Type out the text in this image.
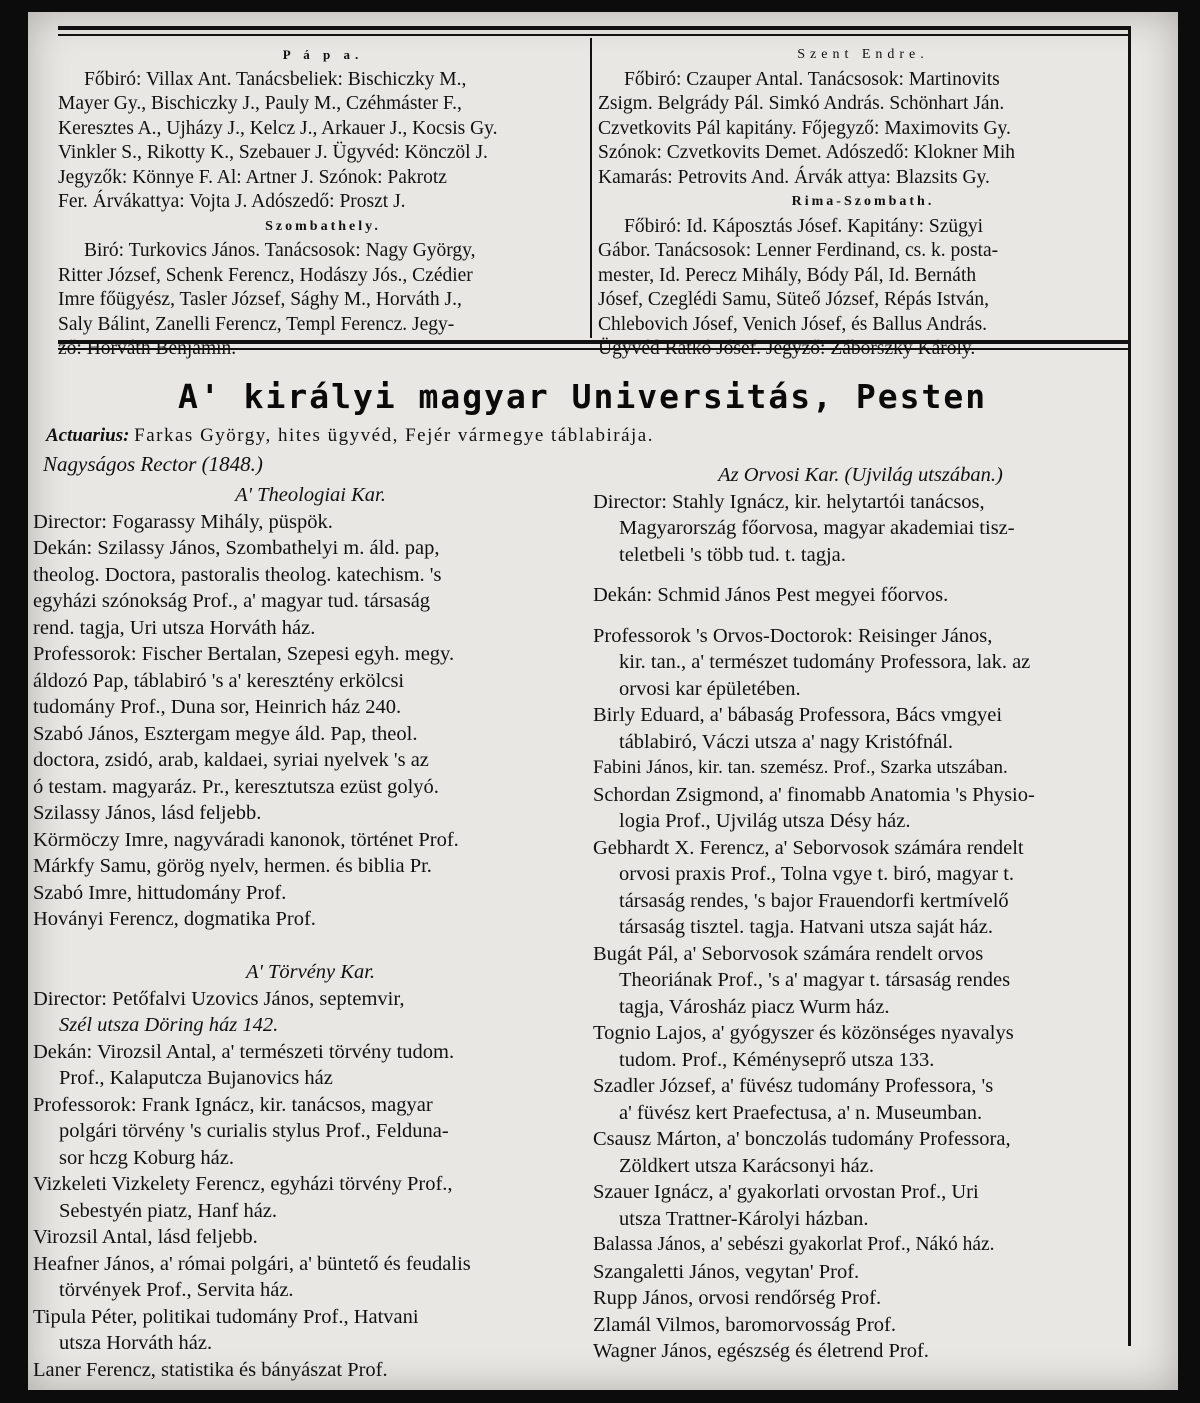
P á p a.
Főbiró: Villax Ant. Tanácsbeliek: Bischiczky M.,
Mayer Gy., Bischiczky J., Pauly M., Czéhmáster F.,
Keresztes A., Ujházy J., Kelcz J., Arkauer J., Kocsis Gy.
Vinkler S., Rikotty K., Szebauer J. Ügyvéd: Könczöl J.
Jegyzők: Könnye F. Al: Artner J. Szónok: Pakrotz
Fer. Árvákattya: Vojta J. Adószedő: Proszt J.
Szombathely.
Biró: Turkovics János. Tanácsosok: Nagy György,
Ritter József, Schenk Ferencz, Hodászy Jós., Czédier
Imre főügyész, Tasler József, Sághy M., Horváth J.,
Saly Bálint, Zanelli Ferencz, Templ Ferencz. Jegy-
ző: Horváth Benjamin.
Szent Endre.
Főbiró: Czauper Antal. Tanácsosok: Martinovits
Zsigm. Belgrády Pál. Simkó András. Schönhart Ján.
Czvetkovits Pál kapitány. Főjegyző: Maximovits Gy.
Szónok: Czvetkovits Demet. Adószedő: Klokner Mih
Kamarás: Petrovits And. Árvák attya: Blazsits Gy.
Rima-Szombath.
Főbiró: Id. Káposztás Jósef. Kapitány: Szügyi
Gábor. Tanácsosok: Lenner Ferdinand, cs. k. posta-
mester, Id. Perecz Mihály, Bódy Pál, Id. Bernáth
Jósef, Czeglédi Samu, Süteő József, Répás István,
Chlebovich Jósef, Venich Jósef, és Ballus András.
Ügyvéd Ratkó Jósef. Jegyző: Záborszky Károly.
A' királyi magyar Universitás, Pesten
Actuarius: Farkas György, hites ügyvéd, Fejér vármegye táblabirája.
Nagyságos Rector (1848.)
A' Theologiai Kar.
Director: Fogarassy Mihály, püspök.
Dekán: Szilassy János, Szombathelyi m. áld. pap,
theolog. Doctora, pastoralis theolog. katechism. 's
egyházi szónokság Prof., a' magyar tud. társaság
rend. tagja, Uri utsza Horváth ház.
Professorok: Fischer Bertalan, Szepesi egyh. megy.
áldozó Pap, táblabiró 's a' keresztény erkölcsi
tudomány Prof., Duna sor, Heinrich ház 240.
Szabó János, Esztergam megye áld. Pap, theol.
doctora, zsidó, arab, kaldaei, syriai nyelvek 's az
ó testam. magyaráz. Pr., keresztutsza ezüst golyó.
Szilassy János, lásd feljebb.
Körmöczy Imre, nagyváradi kanonok, történet Prof.
Márkfy Samu, görög nyelv, hermen. és biblia Pr.
Szabó Imre, hittudomány Prof.
Hoványi Ferencz, dogmatika Prof.
A' Törvény Kar.
Director: Petőfalvi Uzovics János, septemvir,
Szél utsza Döring ház 142.
Dekán: Virozsil Antal, a' természeti törvény tudom.
Prof., Kalaputcza Bujanovics ház
Professorok: Frank Ignácz, kir. tanácsos, magyar
polgári törvény 's curialis stylus Prof., Felduna-
sor hczg Koburg ház.
Vizkeleti Vizkelety Ferencz, egyházi törvény Prof.,
Sebestyén piatz, Hanf ház.
Virozsil Antal, lásd feljebb.
Heafner János, a' római polgári, a' büntető és feudalis
törvények Prof., Servita ház.
Tipula Péter, politikai tudomány Prof., Hatvani
utsza Horváth ház.
Laner Ferencz, statistika és bányászat Prof.
Az Orvosi Kar. (Ujvilág utszában.)
Director: Stahly Ignácz, kir. helytartói tanácsos,
Magyarország főorvosa, magyar akademiai tisz-
teletbeli 's több tud. t. tagja.
Dekán: Schmid János Pest megyei főorvos.
Professorok 's Orvos-Doctorok: Reisinger János,
kir. tan., a' természet tudomány Professora, lak. az
orvosi kar épületében.
Birly Eduard, a' bábaság Professora, Bács vmgyei
táblabiró, Váczi utsza a' nagy Kristófnál.
Fabini János, kir. tan. szemész. Prof., Szarka utszában.
Schordan Zsigmond, a' finomabb Anatomia 's Physio-
logia Prof., Ujvilág utsza Désy ház.
Gebhardt X. Ferencz, a' Seborvosok számára rendelt
orvosi praxis Prof., Tolna vgye t. biró, magyar t.
társaság rendes, 's bajor Frauendorfi kertmívelő
társaság tisztel. tagja. Hatvani utsza saját ház.
Bugát Pál, a' Seborvosok számára rendelt orvos
Theoriának Prof., 's a' magyar t. társaság rendes
tagja, Városház piacz Wurm ház.
Tognio Lajos, a' gyógyszer és közönséges nyavalys
tudom. Prof., Kéményseprő utsza 133.
Szadler József, a' füvész tudomány Professora, 's
a' füvész kert Praefectusa, a' n. Museumban.
Csausz Márton, a' bonczolás tudomány Professora,
Zöldkert utsza Karácsonyi ház.
Szauer Ignácz, a' gyakorlati orvostan Prof., Uri
utsza Trattner-Károlyi házban.
Balassa János, a' sebészi gyakorlat Prof., Nákó ház.
Szangaletti János, vegytan' Prof.
Rupp János, orvosi rendőrség Prof.
Zlamál Vilmos, baromorvosság Prof.
Wagner János, egészség és életrend Prof.
